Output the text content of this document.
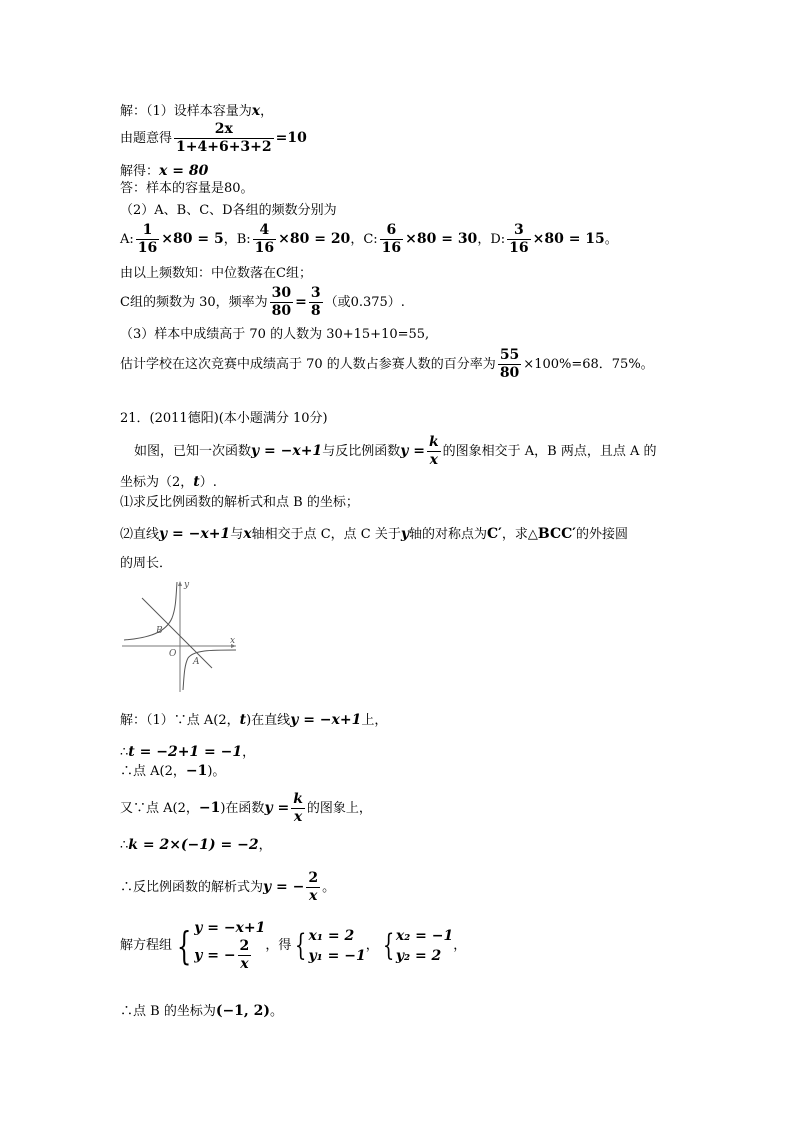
解：（1）设样本容量为x，
由题意得 $\frac{2x}{1+4+6+3+2} =10$
解得：x = 80
答：样本的容量是80。
（2）A、B、C、D各组的频数分别为
A: $\frac{1}{16} \times 80 = 5$，B: $\frac{4}{16} \times 80 = 20$，C: $\frac{6}{16} \times 80 = 30$，D: $\frac{3}{16} \times 80 = 15$。
由以上频数知：中位数落在C组；
C组的频数为 30，频率为 $\frac{30}{80} = \frac{3}{8}$ （或0.375）.
（3）样本中成绩高于 70 的人数为 30+15+10=55,
估计学校在这次竞赛中成绩高于 70 的人数占参赛人数的百分率为 $\frac{55}{80} \times 100\%=68$．75%。
21．(2011德阳)(本小题满分 10分)
如图，已知一次函数y = −x+1与反比例函数$y = \frac{k}{x}$ 的图象相交于 A，B 两点，且点 A 的
坐标为（2，t）.
⑴求反比例函数的解析式和点 B 的坐标；
⑵直线y = −x+1与x轴相交于点 C，点 C 关于y轴的对称点为C′，求△BCC′的外接圆
的周长．
x
y
O
B
A
解：（1）∵点 A(2，t)在直线y = −x+1上，
∴t = −2+1 = −1，
∴点 A(2，−1)。
又∵点 A(2，−1)在函数$y = \frac{k}{x}$ 的图象上，
∴k = 2×(−1) = −2，
∴反比例函数的解析式为y = − $\frac{2}{x}$ 。
解方程组 { y = −x+1
y = − $\frac{2}{x}$ ，得 { x₁ = 2
y₁ = −1
， { x₂ = −1
y₂ = 2
，
∴点 B 的坐标为(−1, 2)。
